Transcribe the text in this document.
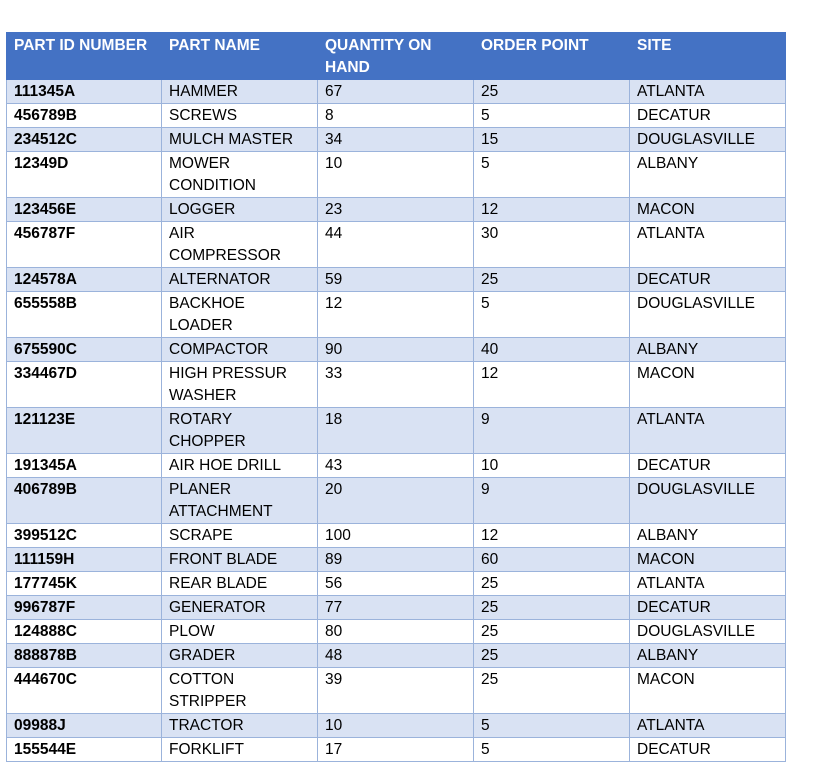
PART ID NUMBER	PART NAME	QUANTITY ON HAND	ORDER POINT	SITE
111345A	HAMMER	67	25	ATLANTA
456789B	SCREWS	8	5	DECATUR
234512C	MULCH MASTER	34	15	DOUGLASVILLE
12349D	MOWER CONDITION	10	5	ALBANY
123456E	LOGGER	23	12	MACON
456787F	AIR COMPRESSOR	44	30	ATLANTA
124578A	ALTERNATOR	59	25	DECATUR
655558B	BACKHOE LOADER	12	5	DOUGLASVILLE
675590C	COMPACTOR	90	40	ALBANY
334467D	HIGH PRESSUR WASHER	33	12	MACON
121123E	ROTARY CHOPPER	18	9	ATLANTA
191345A	AIR HOE DRILL	43	10	DECATUR
406789B	PLANER ATTACHMENT	20	9	DOUGLASVILLE
399512C	SCRAPE	100	12	ALBANY
111159H	FRONT BLADE	89	60	MACON
177745K	REAR BLADE	56	25	ATLANTA
996787F	GENERATOR	77	25	DECATUR
124888C	PLOW	80	25	DOUGLASVILLE
888878B	GRADER	48	25	ALBANY
444670C	COTTON STRIPPER	39	25	MACON
09988J	TRACTOR	10	5	ATLANTA
155544E	FORKLIFT	17	5	DECATUR
